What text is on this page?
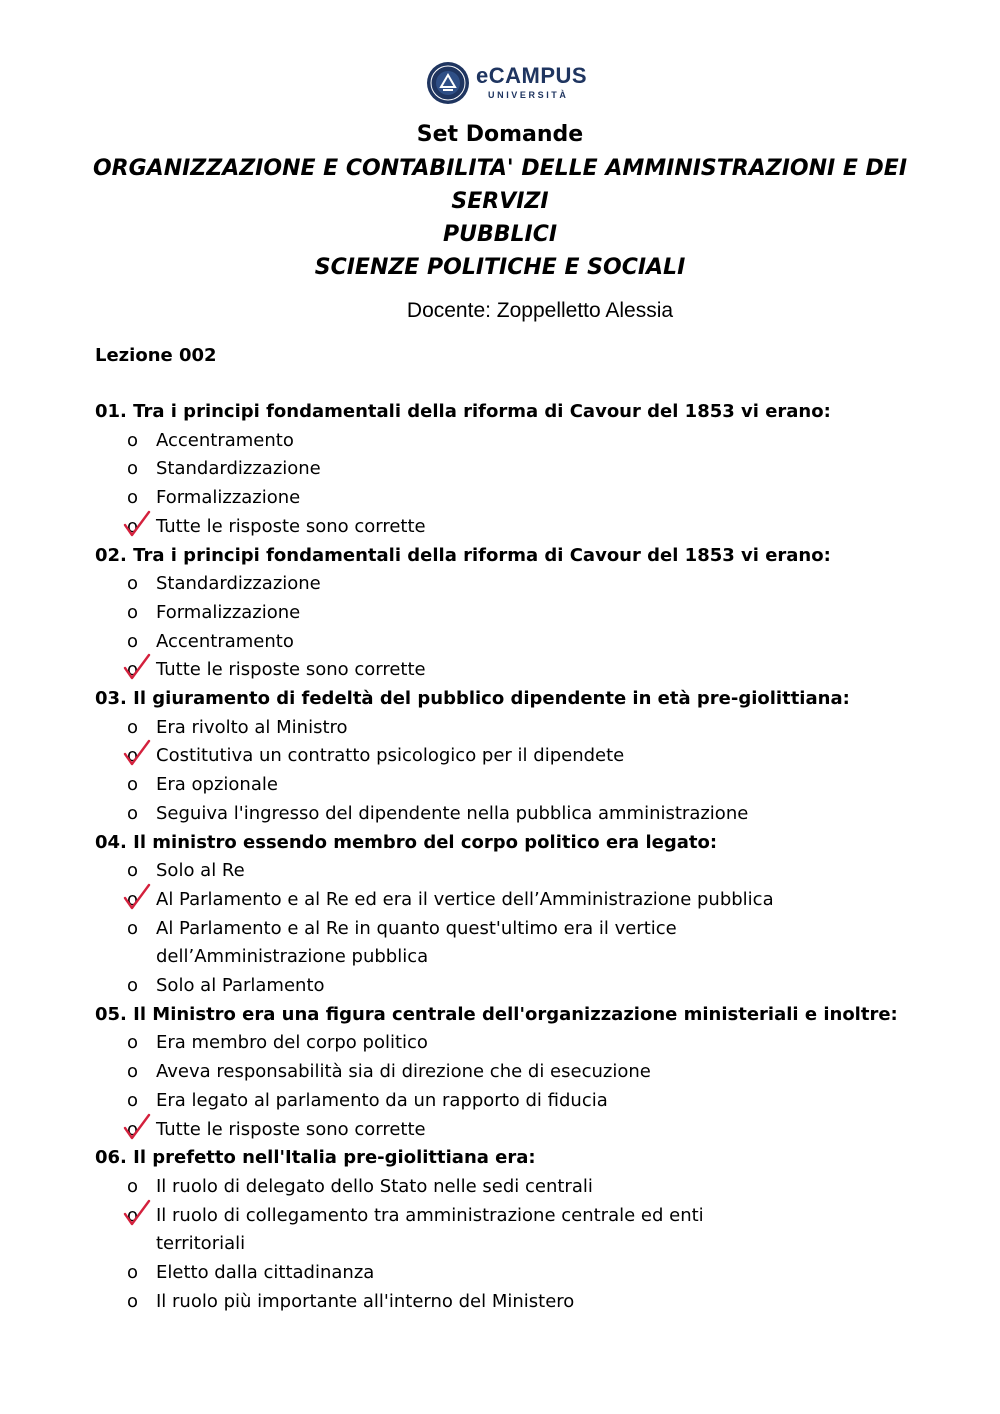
eCAMPUS
UNIVERSITÀ

Set Domande

ORGANIZZAZIONE E CONTABILITA' DELLE AMMINISTRAZIONI E DEI

SERVIZI

PUBBLICI

SCIENZE POLITICHE E SOCIALI

Docente: Zoppelletto Alessia
Lezione 002
01. Tra i principi fondamentali della riforma di Cavour del 1853 vi erano:
o Accentramento
o Standardizzazione
o Formalizzazione
o Tutte le risposte sono corrette
02. Tra i principi fondamentali della riforma di Cavour del 1853 vi erano:
o Standardizzazione
o Formalizzazione
o Accentramento
o Tutte le risposte sono corrette
03. Il giuramento di fedeltà del pubblico dipendente in età pre-giolittiana:
o Era rivolto al Ministro
o Costitutiva un contratto psicologico per il dipendete
o Era opzionale
o Seguiva l'ingresso del dipendente nella pubblica amministrazione
04. Il ministro essendo membro del corpo politico era legato:
o Solo al Re
o Al Parlamento e al Re ed era il vertice dell’Amministrazione pubblica
o Al Parlamento e al Re in quanto quest'ultimo era il vertice dell’Amministrazione pubblica
o Solo al Parlamento
05. Il Ministro era una figura centrale dell'organizzazione ministeriali e inoltre:
o Era membro del corpo politico
o Aveva responsabilità sia di direzione che di esecuzione
o Era legato al parlamento da un rapporto di fiducia
o Tutte le risposte sono corrette
06. Il prefetto nell'Italia pre-giolittiana era:
o Il ruolo di delegato dello Stato nelle sedi centrali
o Il ruolo di collegamento tra amministrazione centrale ed enti territoriali
o Eletto dalla cittadinanza
o Il ruolo più importante all'interno del Ministero
